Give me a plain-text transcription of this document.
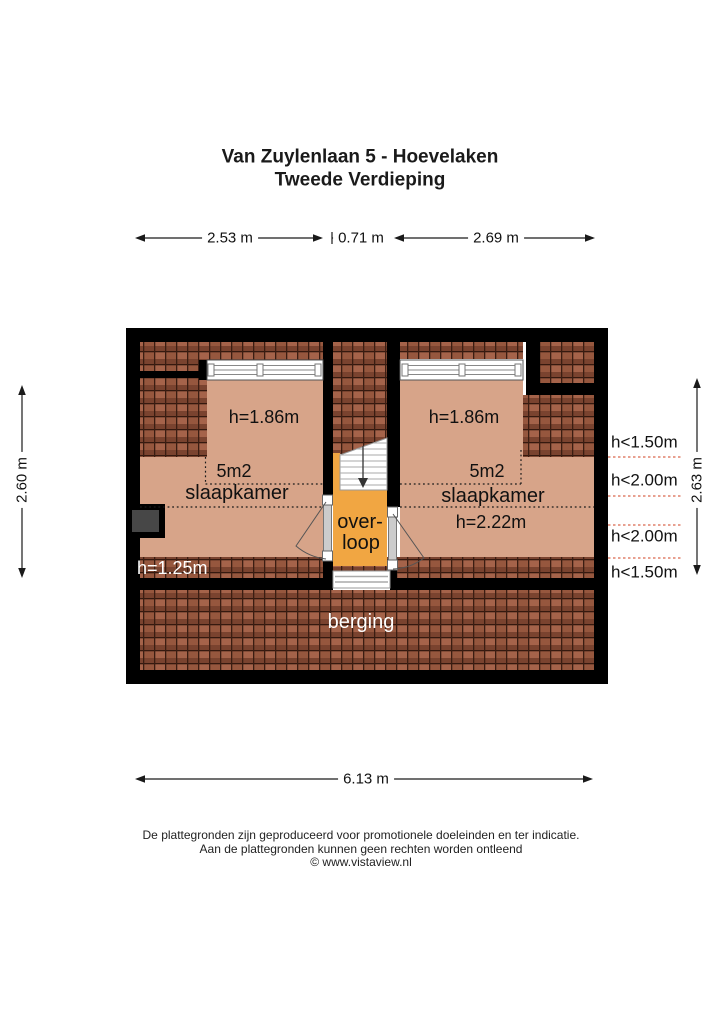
Van Zuylenlaan 5 - Hoevelaken
Tweede Verdieping
2.53 m	0.71 m	2.69 m
6.13 m
2.60 m	2.63 m
h<1.50m
h<2.00m
h<2.00m
h<1.50m
h=1.86m	h=1.86m
5m2	5m2
slaapkamer	slaapkamer
h=2.22m
over-
loop
h=1.25m
berging
De plattegronden zijn geproduceerd voor promotionele doeleinden en ter indicatie.
Aan de plattegronden kunnen geen rechten worden ontleend
© www.vistaview.nl
